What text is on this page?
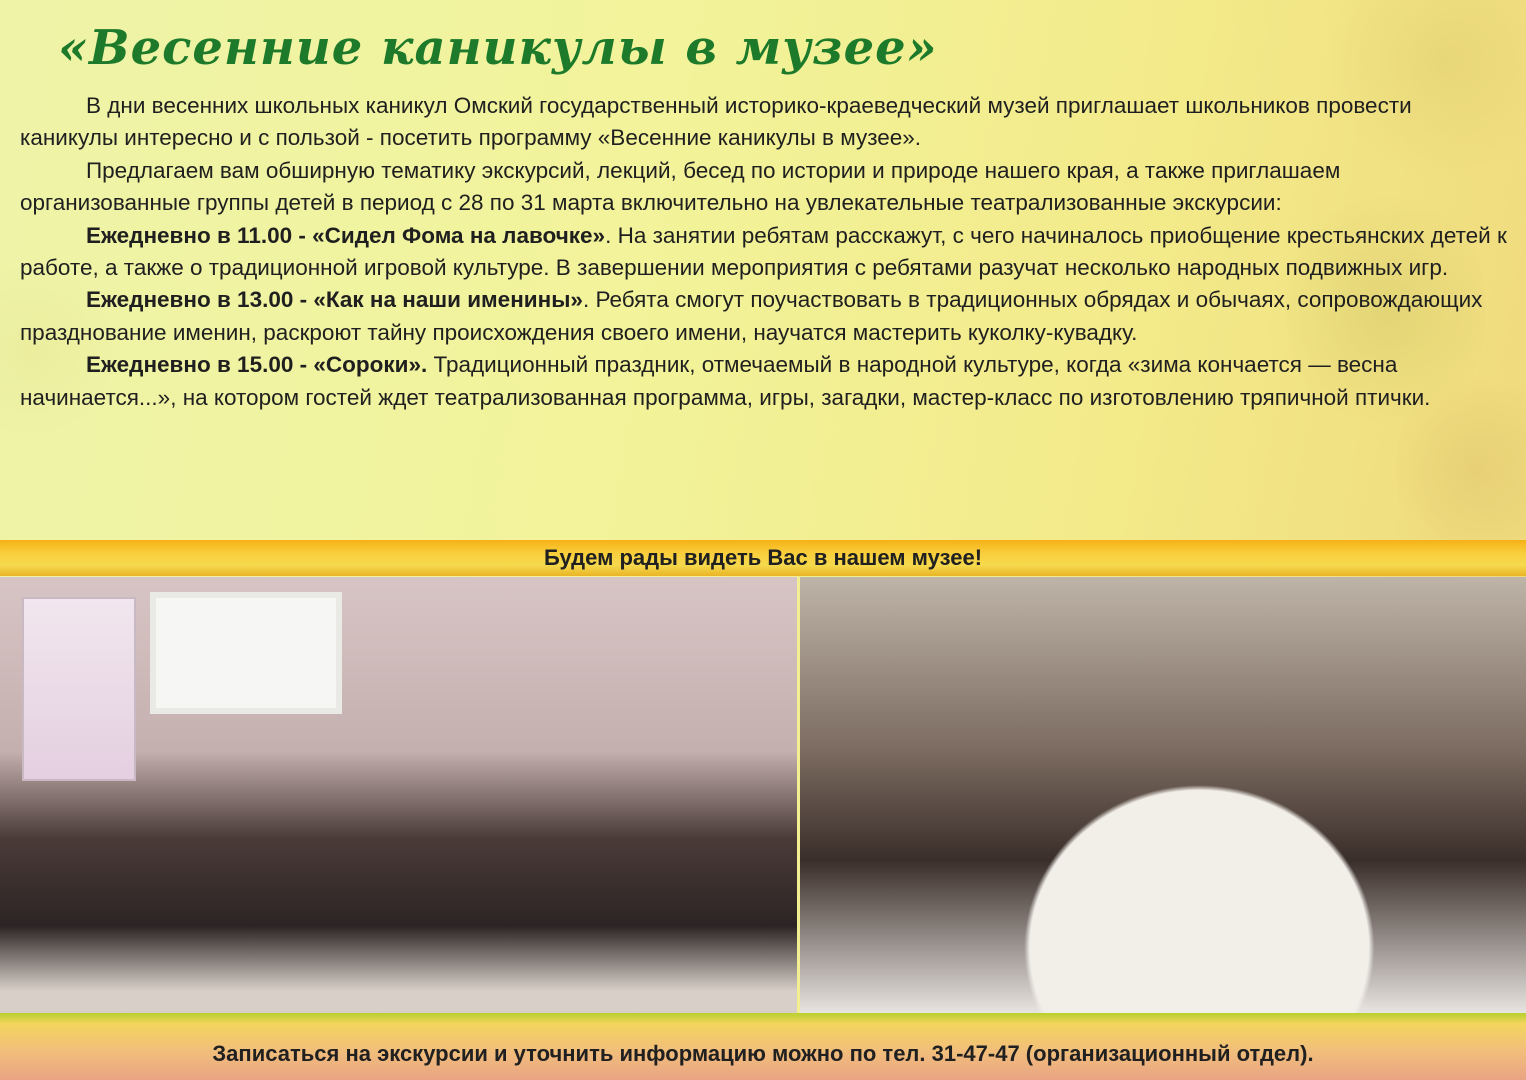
«Весенние каникулы в музее»

В дни весенних школьных каникул Омский государственный историко-краеведческий музей приглашает школьников провести каникулы интересно и с пользой - посетить программу «Весенние каникулы в музее».

Предлагаем вам обширную тематику экскурсий, лекций, бесед по истории и природе нашего края, а также приглашаем организованные группы детей в период с 28 по 31 марта включительно на увлекательные театрализованные экскурсии:

Ежедневно в 11.00 - «Сидел Фома на лавочке». На занятии ребятам расскажут, с чего начиналось приобщение крестьянских детей к работе, а также о традиционной игровой культуре. В завершении мероприятия с ребятами разучат несколько народных подвижных игр.

Ежедневно в 13.00 - «Как на наши именины». Ребята смогут поучаствовать в традиционных обрядах и обычаях, сопровождающих празднование именин, раскроют тайну происхождения своего имени, научатся мастерить куколку-кувадку.

Ежедневно в 15.00 - «Сороки». Традиционный праздник, отмечаемый в народной культуре, когда «зима кончается — весна начинается...», на котором гостей ждет театрализованная программа, игры, загадки, мастер-класс по изготовлению тряпичной птички.

Будем рады видеть Вас в нашем музее!
Записаться на экскурсии и уточнить информацию можно по тел. 31-47-47 (организационный отдел).
